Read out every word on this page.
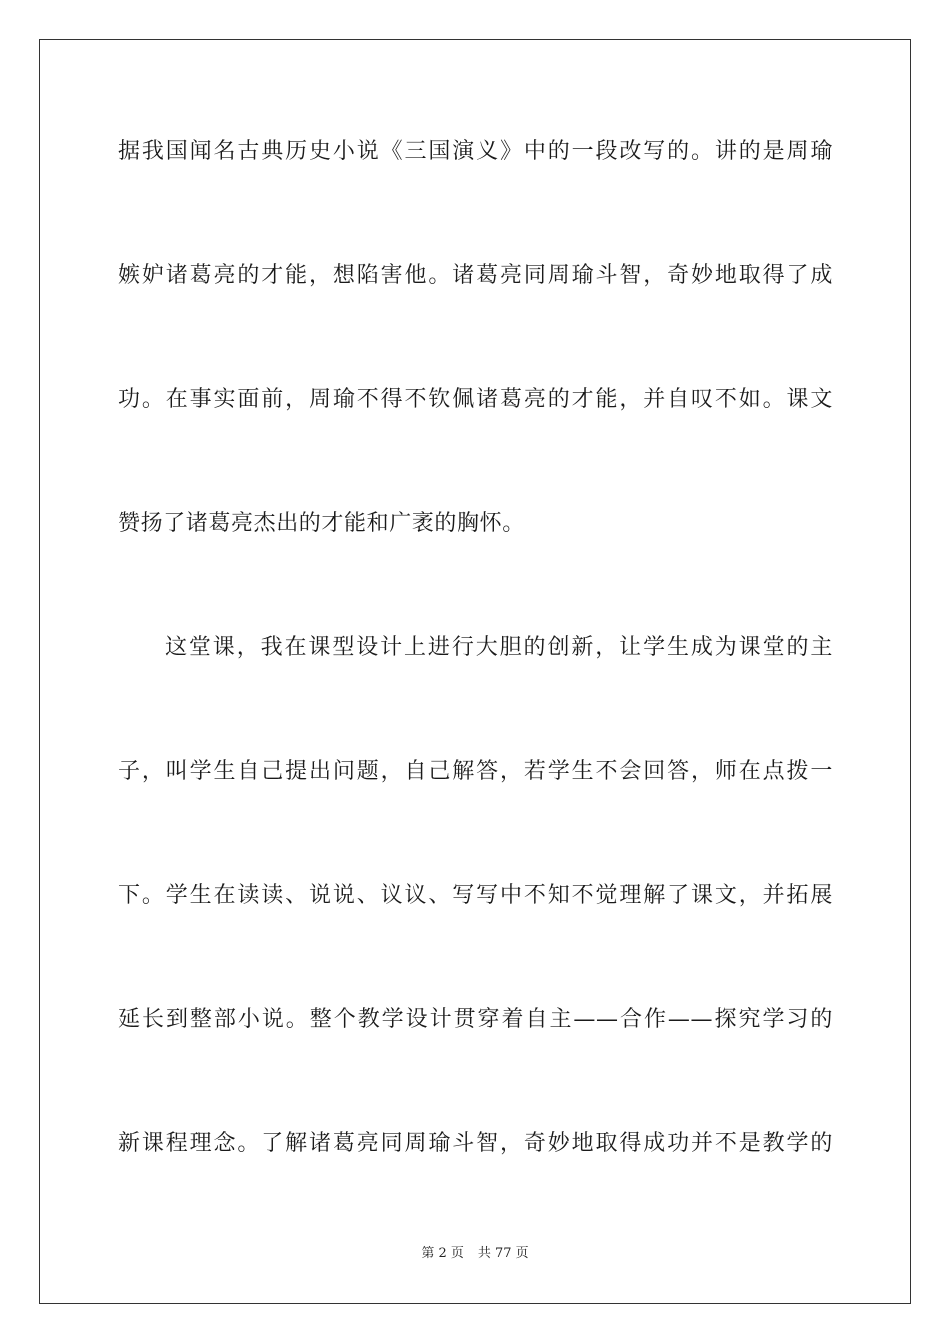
据我国闻名古典历史小说《三国演义》中的一段改写的。讲的是周瑜
嫉妒诸葛亮的才能，想陷害他。诸葛亮同周瑜斗智，奇妙地取得了成
功。在事实面前，周瑜不得不钦佩诸葛亮的才能，并自叹不如。课文
赞扬了诸葛亮杰出的才能和广袤的胸怀。
这堂课，我在课型设计上进行大胆的创新，让学生成为课堂的主
子，叫学生自己提出问题，自己解答，若学生不会回答，师在点拨一
下。学生在读读、说说、议议、写写中不知不觉理解了课文，并拓展
延长到整部小说。整个教学设计贯穿着自主——合作——探究学习的
新课程理念。了解诸葛亮同周瑜斗智，奇妙地取得成功并不是教学的
第 2 页 共 77 页
